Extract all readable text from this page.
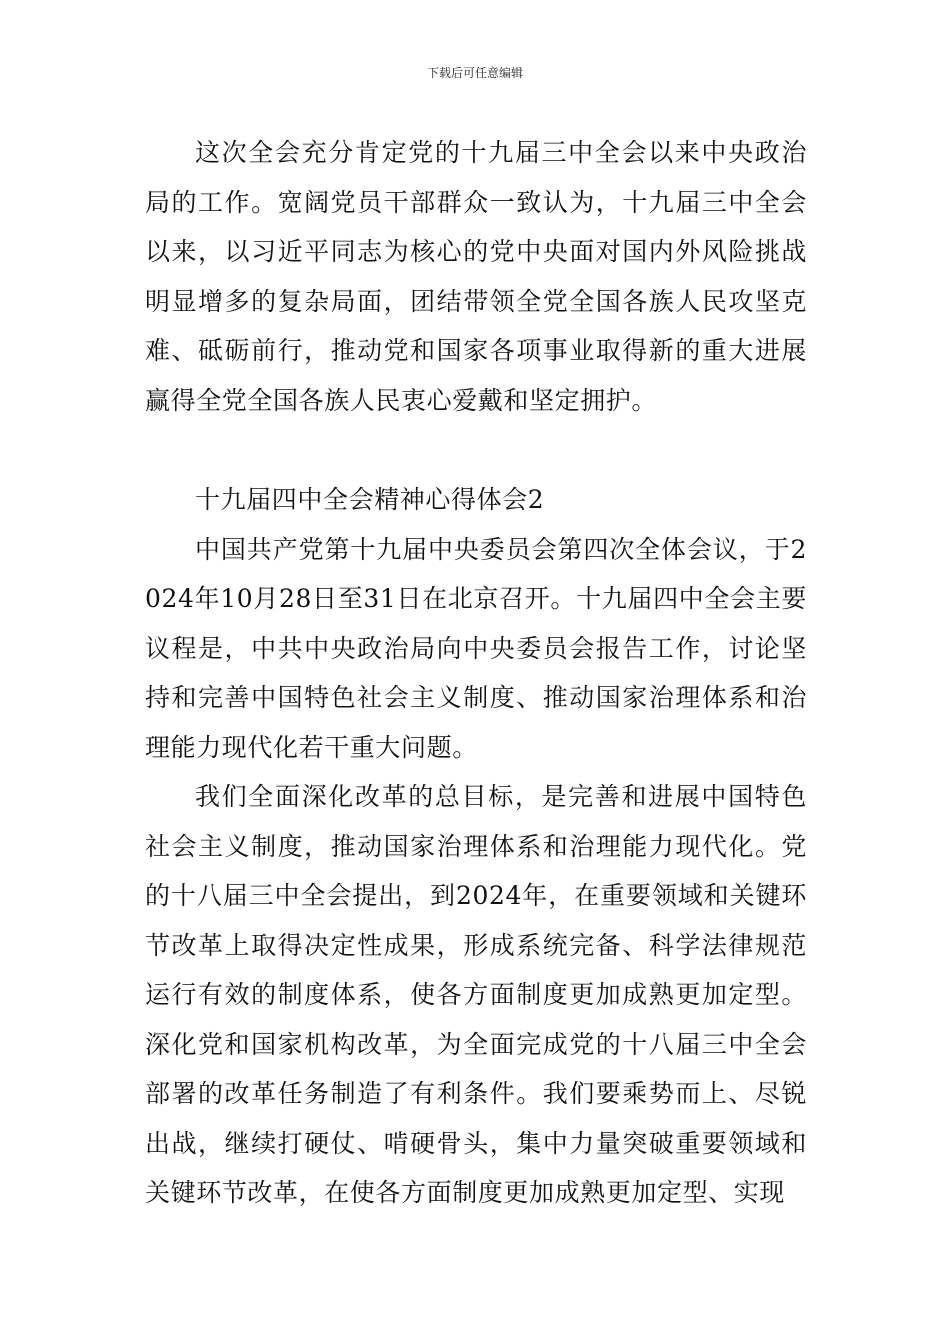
下载后可任意编辑

这次全会充分肯定党的十九届三中全会以来中央政治局的工作。宽阔党员干部群众一致认为，十九届三中全会以来，以习近平同志为核心的党中央面对国内外风险挑战明显增多的复杂局面，团结带领全党全国各族人民攻坚克难、砥砺前行，推动党和国家各项事业取得新的重大进展赢得全党全国各族人民衷心爱戴和坚定拥护。

十九届四中全会精神心得体会2

中国共产党第十九届中央委员会第四次全体会议，于2024年10月28日至31日在北京召开。十九届四中全会主要议程是，中共中央政治局向中央委员会报告工作，讨论坚持和完善中国特色社会主义制度、推动国家治理体系和治理能力现代化若干重大问题。

我们全面深化改革的总目标，是完善和进展中国特色社会主义制度，推动国家治理体系和治理能力现代化。党的十八届三中全会提出，到2024年，在重要领域和关键环节改革上取得决定性成果，形成系统完备、科学法律规范运行有效的制度体系，使各方面制度更加成熟更加定型。深化党和国家机构改革，为全面完成党的十八届三中全会部署的改革任务制造了有利条件。我们要乘势而上、尽锐出战，继续打硬仗、啃硬骨头，集中力量突破重要领域和关键环节改革，在使各方面制度更加成熟更加定型、实现
